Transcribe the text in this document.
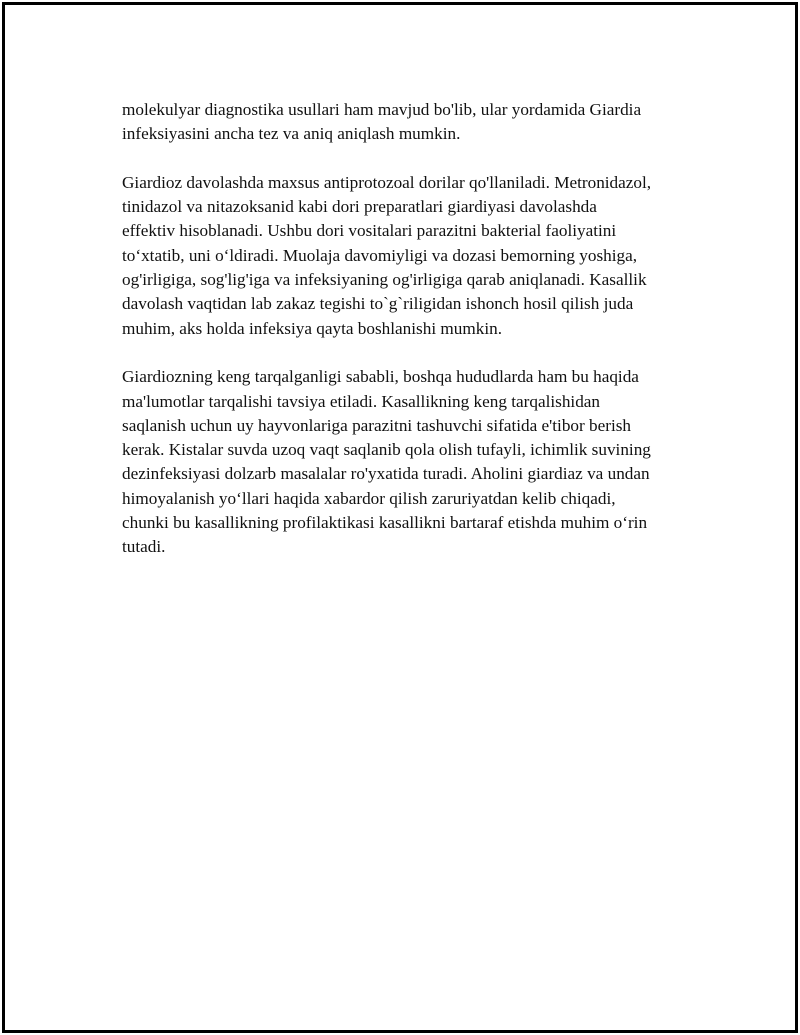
molekulyar diagnostika usullari ham mavjud bo'lib, ular yordamida Giardia
infeksiyasini ancha tez va aniq aniqlash mumkin.

Giardioz davolashda maxsus antiprotozoal dorilar qo'llaniladi. Metronidazol,
tinidazol va nitazoksanid kabi dori preparatlari giardiyasi davolashda
effektiv hisoblanadi. Ushbu dori vositalari parazitni bakterial faoliyatini
to‘xtatib, uni o‘ldiradi. Muolaja davomiyligi va dozasi bemorning yoshiga,
og'irligiga, sog'lig'iga va infeksiyaning og'irligiga qarab aniqlanadi. Kasallik
davolash vaqtidan lab zakaz tegishi to`g`riligidan ishonch hosil qilish juda
muhim, aks holda infeksiya qayta boshlanishi mumkin.

Giardiozning keng tarqalganligi sababli, boshqa hududlarda ham bu haqida
ma'lumotlar tarqalishi tavsiya etiladi. Kasallikning keng tarqalishidan
saqlanish uchun uy hayvonlariga parazitni tashuvchi sifatida e'tibor berish
kerak. Kistalar suvda uzoq vaqt saqlanib qola olish tufayli, ichimlik suvining
dezinfeksiyasi dolzarb masalalar ro'yxatida turadi. Aholini giardiaz va undan
himoyalanish yo‘llari haqida xabardor qilish zaruriyatdan kelib chiqadi,
chunki bu kasallikning profilaktikasi kasallikni bartaraf etishda muhim o‘rin
tutadi.
